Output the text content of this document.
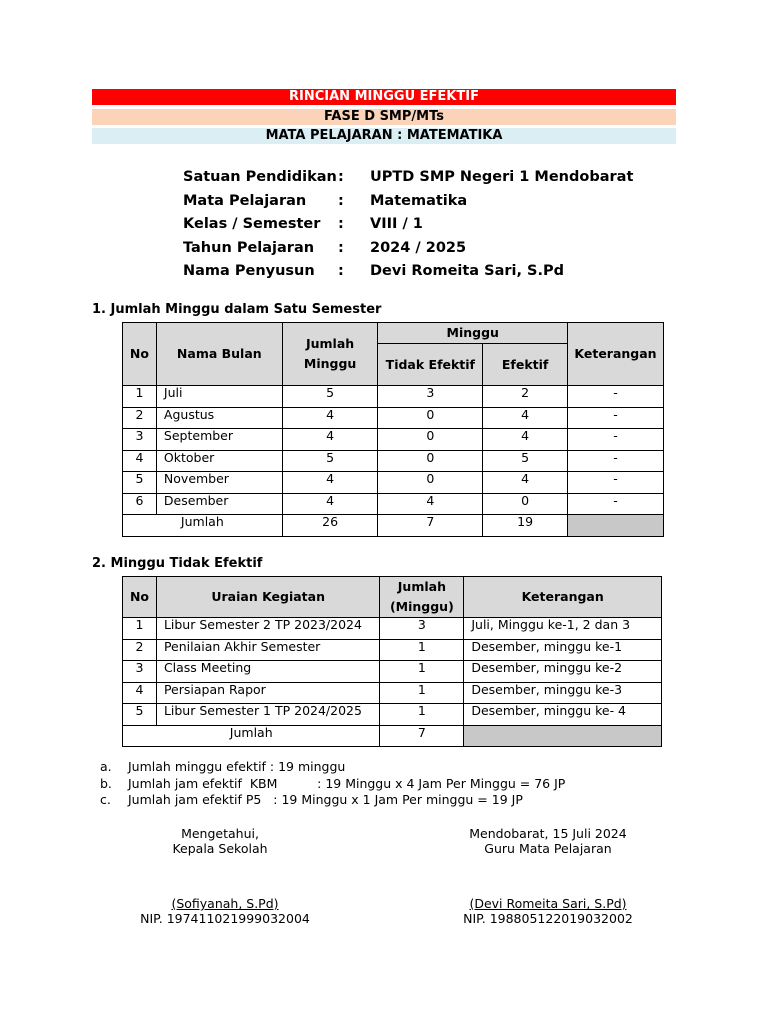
RINCIAN MINGGU EFEKTIF
FASE D SMP/MTs
MATA PELAJARAN : MATEMATIKA
Satuan Pendidikan : UPTD SMP Negeri 1 Mendobarat
Mata Pelajaran : Matematika
Kelas / Semester : VIII / 1
Tahun Pelajaran : 2024 / 2025
Nama Penyusun : Devi Romeita Sari, S.Pd
1. Jumlah Minggu dalam Satu Semester
No	Nama Bulan	Jumlah Minggu	Minggu		Keterangan
			Tidak Efektif	Efektif	
1	Juli	5	3	2	-
2	Agustus	4	0	4	-
3	September	4	0	4	-
4	Oktober	5	0	5	-
5	November	4	0	4	-
6	Desember	4	4	0	-
Jumlah		26	7	19	
2. Minggu Tidak Efektif
No	Uraian Kegiatan	Jumlah (Minggu)	Keterangan
1	Libur Semester 2 TP 2023/2024	3	Juli, Minggu ke-1, 2 dan 3
2	Penilaian Akhir Semester	1	Desember, minggu ke-1
3	Class Meeting	1	Desember, minggu ke-2
4	Persiapan Rapor	1	Desember, minggu ke-3
5	Libur Semester 1 TP 2024/2025	1	Desember, minggu ke- 4
Jumlah		7	
a. Jumlah minggu efektif : 19 minggu
b. Jumlah jam efektif  KBM          : 19 Minggu x 4 Jam Per Minggu = 76 JP
c. Jumlah jam efektif P5   : 19 Minggu x 1 Jam Per minggu = 19 JP
Mengetahui,
Kepala Sekolah
(Sofiyanah, S.Pd)
NIP. 197411021999032004
Mendobarat, 15 Juli 2024
Guru Mata Pelajaran
(Devi Romeita Sari, S.Pd)
NIP. 198805122019032002
